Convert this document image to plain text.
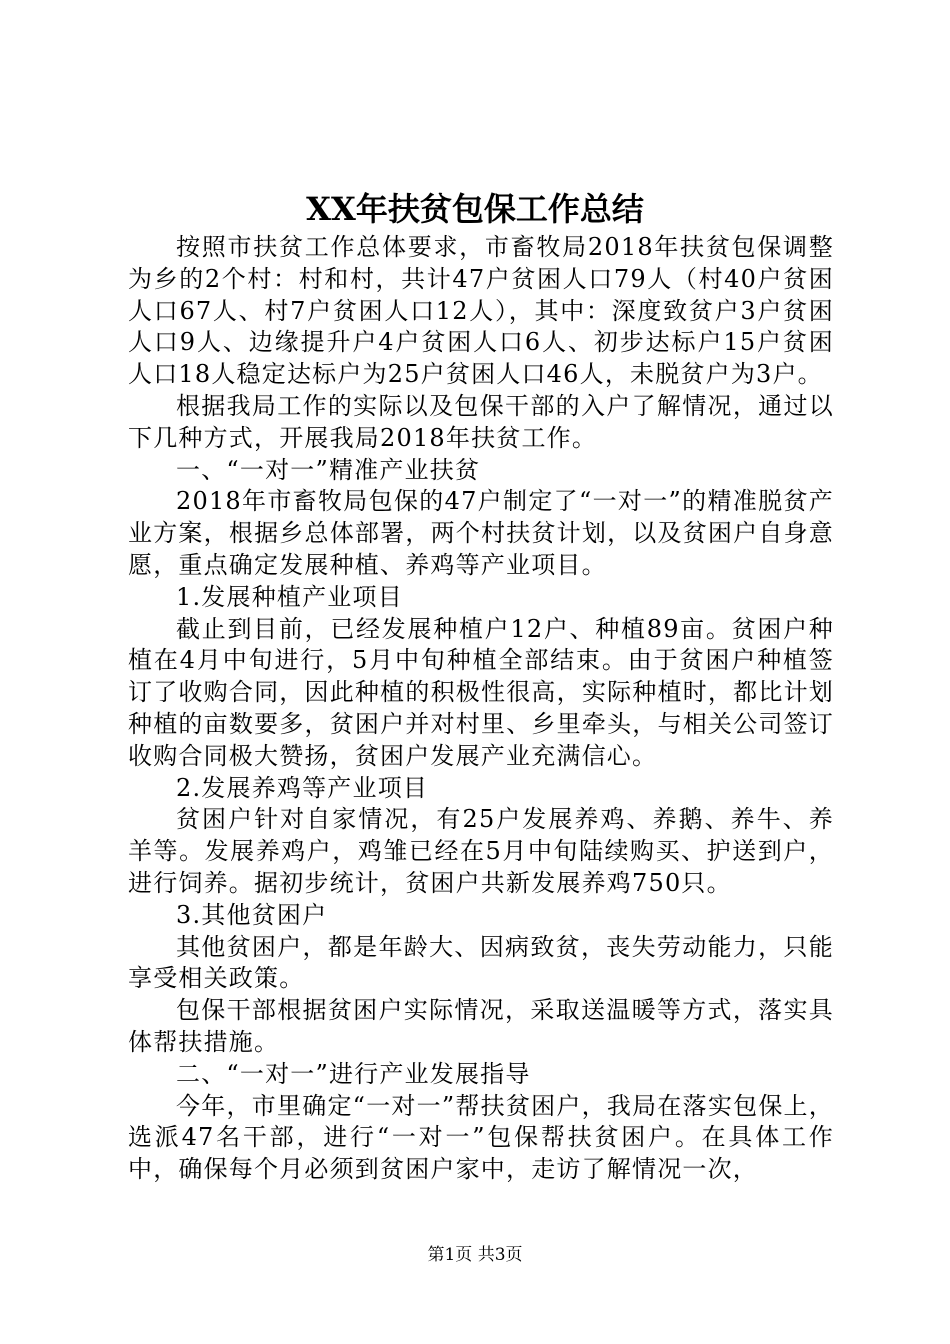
XX年扶贫包保工作总结

按照市扶贫工作总体要求，市畜牧局2018年扶贫包保调整为乡的2个村：村和村，共计47户贫困人口79人（村40户贫困人口67人、村7户贫困人口12人），其中：深度致贫户3户贫困人口9人、边缘提升户4户贫困人口6人、初步达标户15户贫困人口18人稳定达标户为25户贫困人口46人，未脱贫户为3户。

根据我局工作的实际以及包保干部的入户了解情况，通过以下几种方式，开展我局2018年扶贫工作。

一、“一对一”精准产业扶贫

2018年市畜牧局包保的47户制定了“一对一”的精准脱贫产业方案，根据乡总体部署，两个村扶贫计划，以及贫困户自身意愿，重点确定发展种植、养鸡等产业项目。

1.发展种植产业项目

截止到目前，已经发展种植户12户、种植89亩。贫困户种植在4月中旬进行，5月中旬种植全部结束。由于贫困户种植签订了收购合同，因此种植的积极性很高，实际种植时，都比计划种植的亩数要多，贫困户并对村里、乡里牵头，与相关公司签订收购合同极大赞扬，贫困户发展产业充满信心。

2.发展养鸡等产业项目

贫困户针对自家情况，有25户发展养鸡、养鹅、养牛、养羊等。发展养鸡户，鸡雏已经在5月中旬陆续购买、护送到户，进行饲养。据初步统计，贫困户共新发展养鸡750只。

3.其他贫困户

其他贫困户，都是年龄大、因病致贫，丧失劳动能力，只能享受相关政策。

包保干部根据贫困户实际情况，采取送温暖等方式，落实具体帮扶措施。

二、“一对一”进行产业发展指导

今年，市里确定“一对一”帮扶贫困户，我局在落实包保上，选派47名干部，进行“一对一”包保帮扶贫困户。在具体工作中，确保每个月必须到贫困户家中，走访了解情况一次，

第1页 共3页
